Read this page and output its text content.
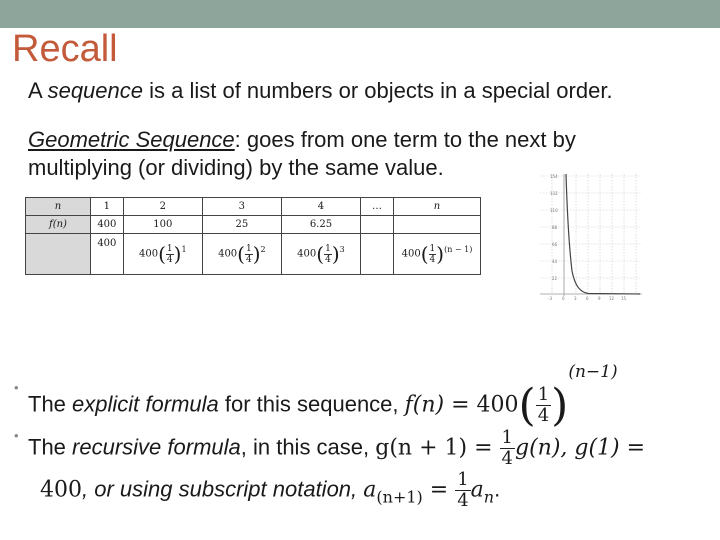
Recall
A sequence is a list of numbers or objects in a special order.
Geometric Sequence: goes from one term to the next by multiplying (or dividing) by the same value.
n	1	2	3	4	…	n
f(n)	400	100	25	6.25		
	400	$400( \frac{1}{4} )^1$	$400( \frac{1}{4} )^2$	$400( \frac{1}{4} )^3$		$400( \frac{1}{4} )^{(n - 1)}$
154
132
110
88
66
44
22
-3	0 3 6 9 12 15
•
The explicit formula for this sequence, $f(n) = 400( \frac{1}{4} )^{(n-1)}$
• The recursive formula, in this case, $g(n + 1) = \frac{1}{4} g(n)$, g(1) =
400, or using subscript notation, $a_{(n+1)} = \frac{1}{4} a_n$.
